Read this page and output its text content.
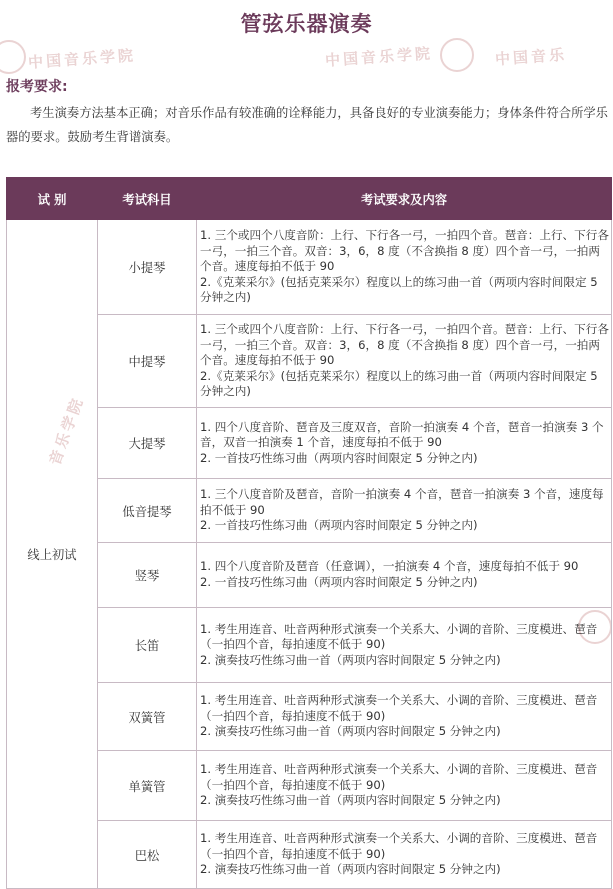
中国音乐学院	中国音乐学院	中国音乐
音乐学院
管弦乐器演奏
报考要求:
考生演奏方法基本正确；对音乐作品有较准确的诠释能力，具备良好的专业演奏能力；身体条件符合所学乐器的要求。鼓励考生背谱演奏。
试 别	考试科目	考试要求及内容
线上初试	小提琴	1. 三个或四个八度音阶：上行、下行各一弓，一拍四个音。琶音：上行、下行各一弓，一拍三个音。双音：3，6，8 度（不含换指 8 度）四个音一弓，一拍两个音。速度每拍不低于 90
2.《克莱采尔》(包括克莱采尔）程度以上的练习曲一首（两项内容时间限定 5 分钟之内)

	中提琴	1. 三个或四个八度音阶：上行、下行各一弓，一拍四个音。琶音：上行、下行各一弓，一拍三个音。双音：3，6，8 度（不含换指 8 度）四个音一弓，一拍两个音。速度每拍不低于 90
2.《克莱采尔》(包括克莱采尔）程度以上的练习曲一首（两项内容时间限定 5 分钟之内)

	大提琴	1. 四个八度音阶、琶音及三度双音，音阶一拍演奏 4 个音，琶音一拍演奏 3 个音，双音一拍演奏 1 个音，速度每拍不低于 90
2. 一首技巧性练习曲（两项内容时间限定 5 分钟之内)

	低音提琴	1. 三个八度音阶及琶音，音阶一拍演奏 4 个音，琶音一拍演奏 3 个音，速度每拍不低于 90
2. 一首技巧性练习曲（两项内容时间限定 5 分钟之内)

	竖琴	1. 四个八度音阶及琶音（任意调），一拍演奏 4 个音，速度每拍不低于 90
2. 一首技巧性练习曲（两项内容时间限定 5 分钟之内)

	长笛	1. 考生用连音、吐音两种形式演奏一个关系大、小调的音阶、三度模进、琶音（一拍四个音，每拍速度不低于 90)
2. 演奏技巧性练习曲一首（两项内容时间限定 5 分钟之内)

	双簧管	1. 考生用连音、吐音两种形式演奏一个关系大、小调的音阶、三度模进、琶音（一拍四个音，每拍速度不低于 90)
2. 演奏技巧性练习曲一首（两项内容时间限定 5 分钟之内)

	单簧管	1. 考生用连音、吐音两种形式演奏一个关系大、小调的音阶、三度模进、琶音（一拍四个音，每拍速度不低于 90)
2. 演奏技巧性练习曲一首（两项内容时间限定 5 分钟之内)

	巴松	1. 考生用连音、吐音两种形式演奏一个关系大、小调的音阶、三度模进、琶音（一拍四个音，每拍速度不低于 90)
2. 演奏技巧性练习曲一首（两项内容时间限定 5 分钟之内)
